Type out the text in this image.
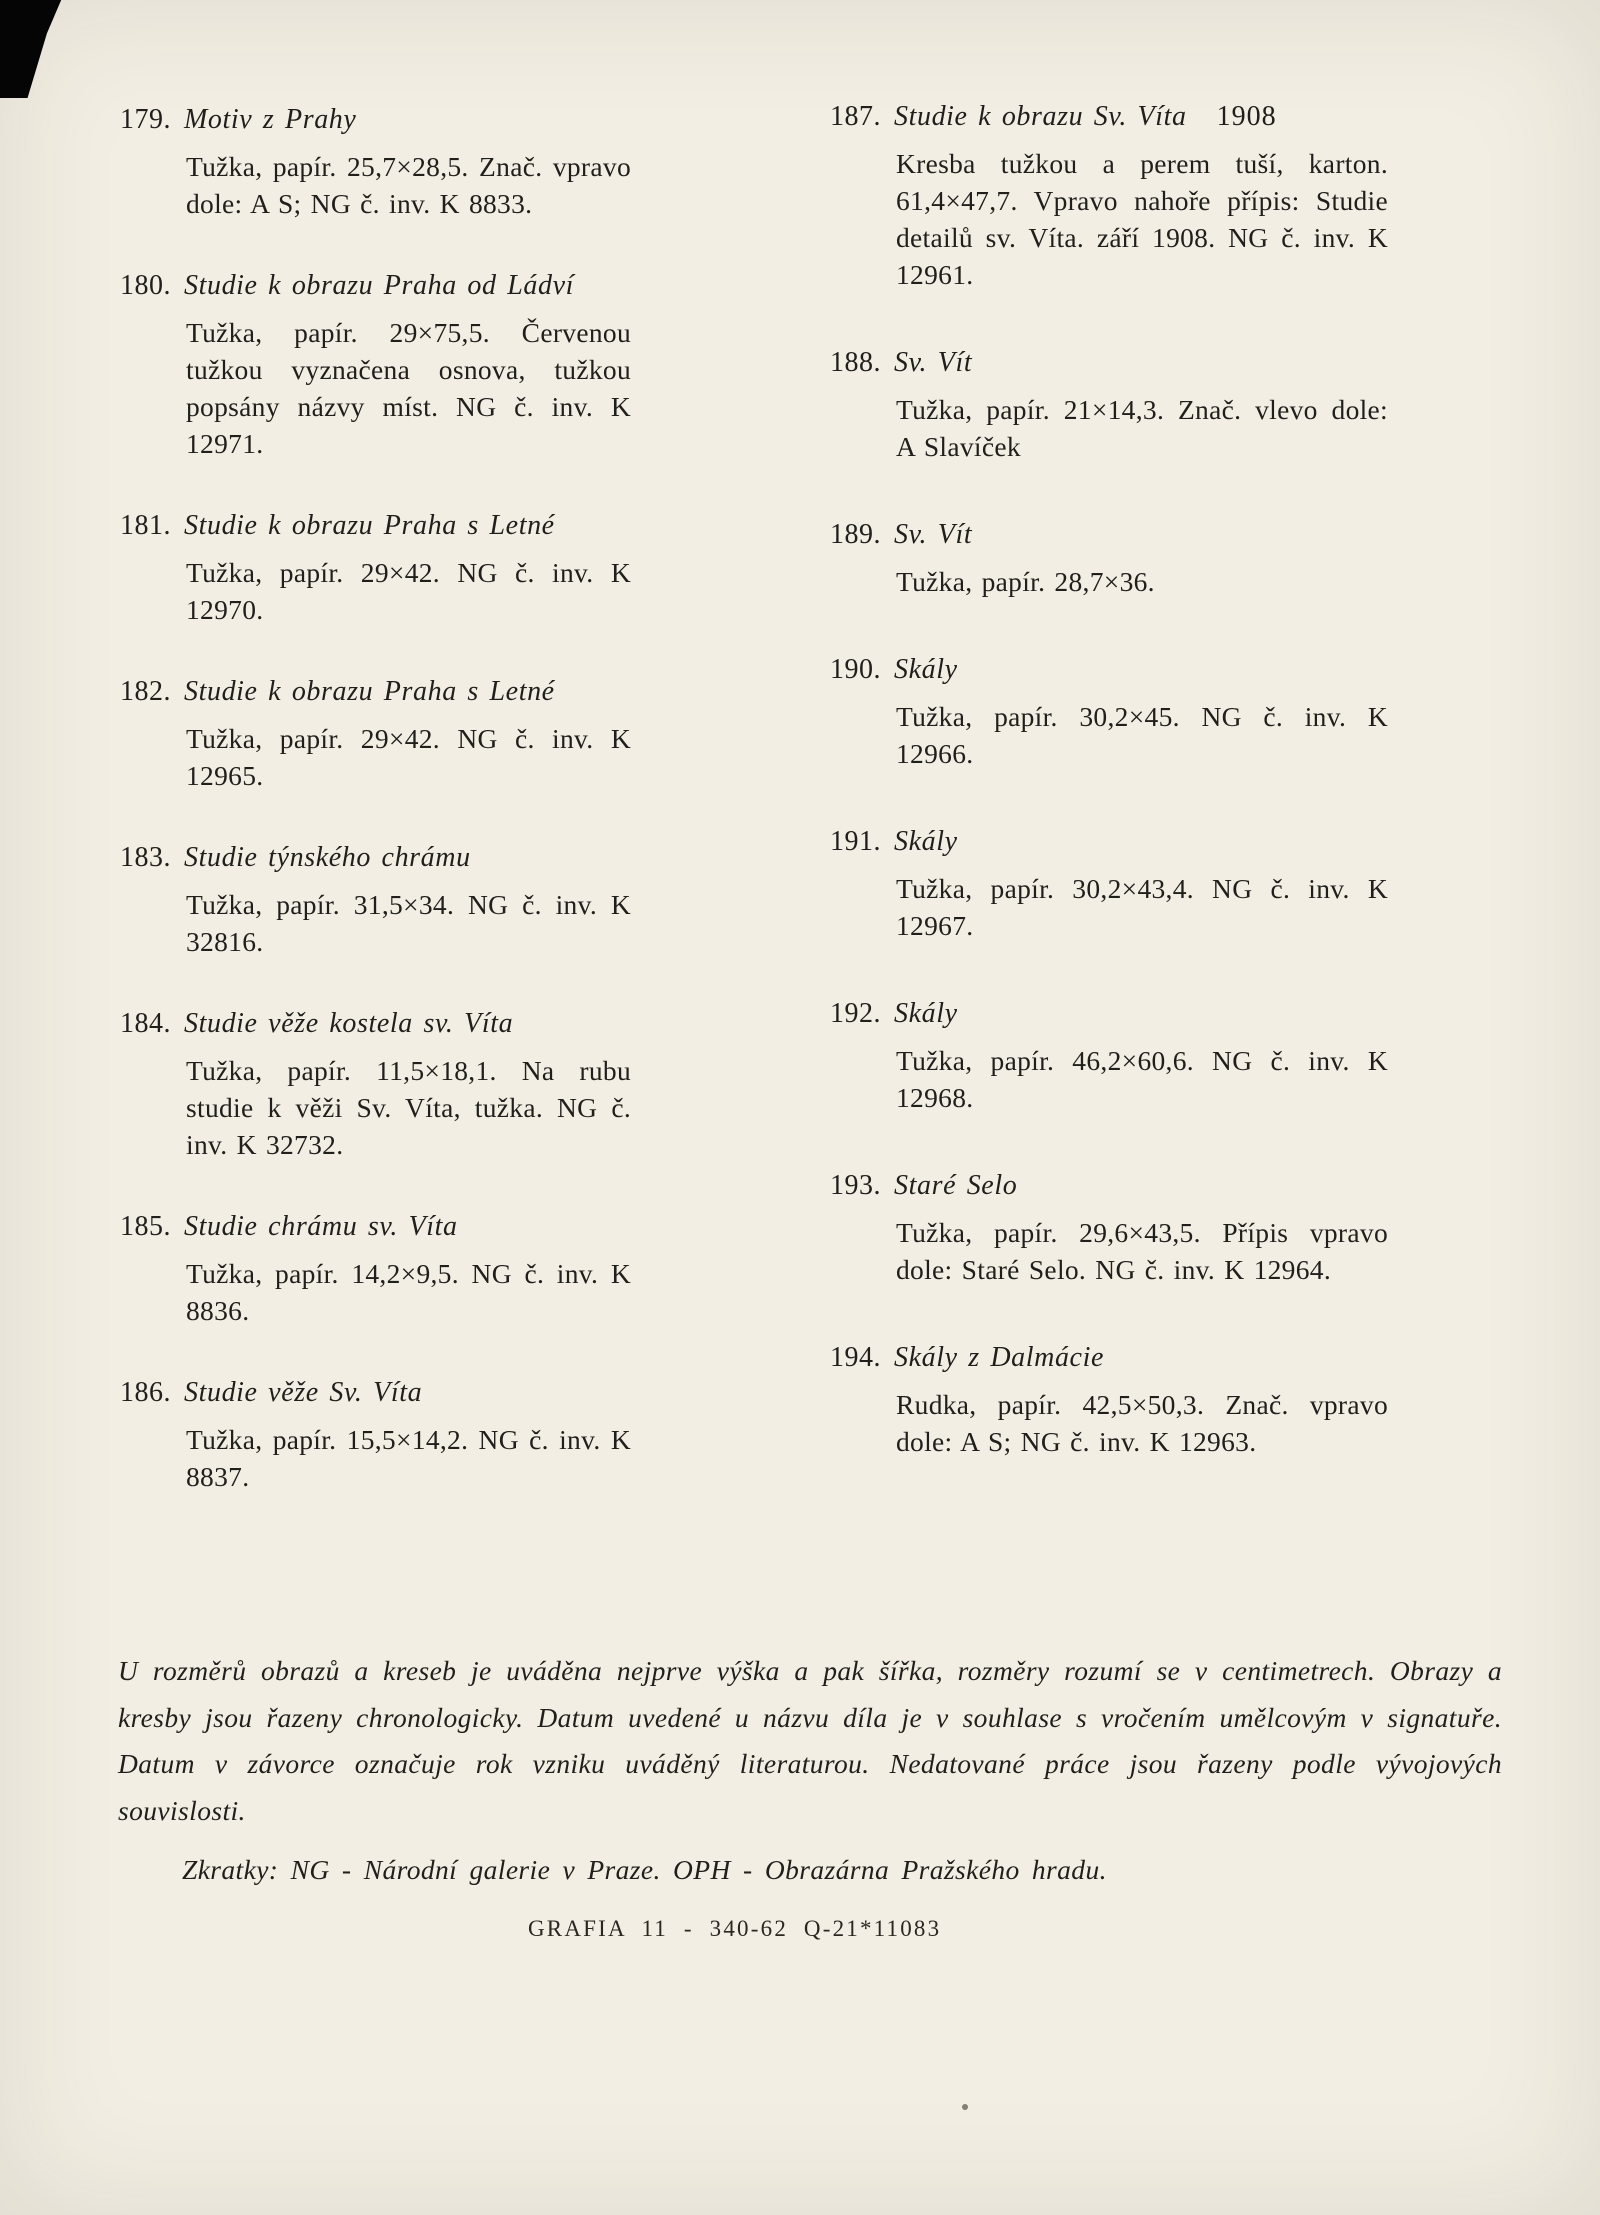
179. Motiv z Prahy

Tužka, papír. 25,7×28,5. Znač. vpravo dole: A S; NG č. inv. K 8833.

180. Studie k obrazu Praha od Ládví

Tužka, papír. 29×75,5. Červenou tužkou vyznačena osnova, tužkou popsány názvy míst. NG č. inv. K 12971.

181. Studie k obrazu Praha s Letné

Tužka, papír. 29×42. NG č. inv. K 12970.

182. Studie k obrazu Praha s Letné

Tužka, papír. 29×42. NG č. inv. K 12965.

183. Studie týnského chrámu

Tužka, papír. 31,5×34. NG č. inv. K 32816.

184. Studie věže kostela sv. Víta

Tužka, papír. 11,5×18,1. Na rubu studie k věži Sv. Víta, tužka. NG č. inv. K 32732.

185. Studie chrámu sv. Víta

Tužka, papír. 14,2×9,5. NG č. inv. K 8836.

186. Studie věže Sv. Víta

Tužka, papír. 15,5×14,2. NG č. inv. K 8837.

187. Studie k obrazu Sv. Víta 1908

Kresba tužkou a perem tuší, karton. 61,4×47,7. Vpravo nahoře přípis: Studie detailů sv. Víta. září 1908. NG č. inv. K 12961.

188. Sv. Vít

Tužka, papír. 21×14,3. Znač. vlevo dole: A Slavíček

189. Sv. Vít

Tužka, papír. 28,7×36.

190. Skály

Tužka, papír. 30,2×45. NG č. inv. K 12966.

191. Skály

Tužka, papír. 30,2×43,4. NG č. inv. K 12967.

192. Skály

Tužka, papír. 46,2×60,6. NG č. inv. K 12968.

193. Staré Selo

Tužka, papír. 29,6×43,5. Přípis vpravo dole: Staré Selo. NG č. inv. K 12964.

194. Skály z Dalmácie

Rudka, papír. 42,5×50,3. Znač. vpravo dole: A S; NG č. inv. K 12963.

U rozměrů obrazů a kreseb je uváděna nejprve výška a pak šířka, rozměry rozumí se v centimetrech. Obrazy a kresby jsou řazeny chronologicky. Datum uvedené u názvu díla je v souhlase s vročením umělcovým v signatuře. Datum v závorce označuje rok vzniku uváděný literaturou. Nedatované práce jsou řazeny podle vývojových souvislosti.

Zkratky: NG - Národní galerie v Praze. OPH - Obrazárna Pražského hradu.

GRAFIA  11  -  340-62  Q-21*11083
